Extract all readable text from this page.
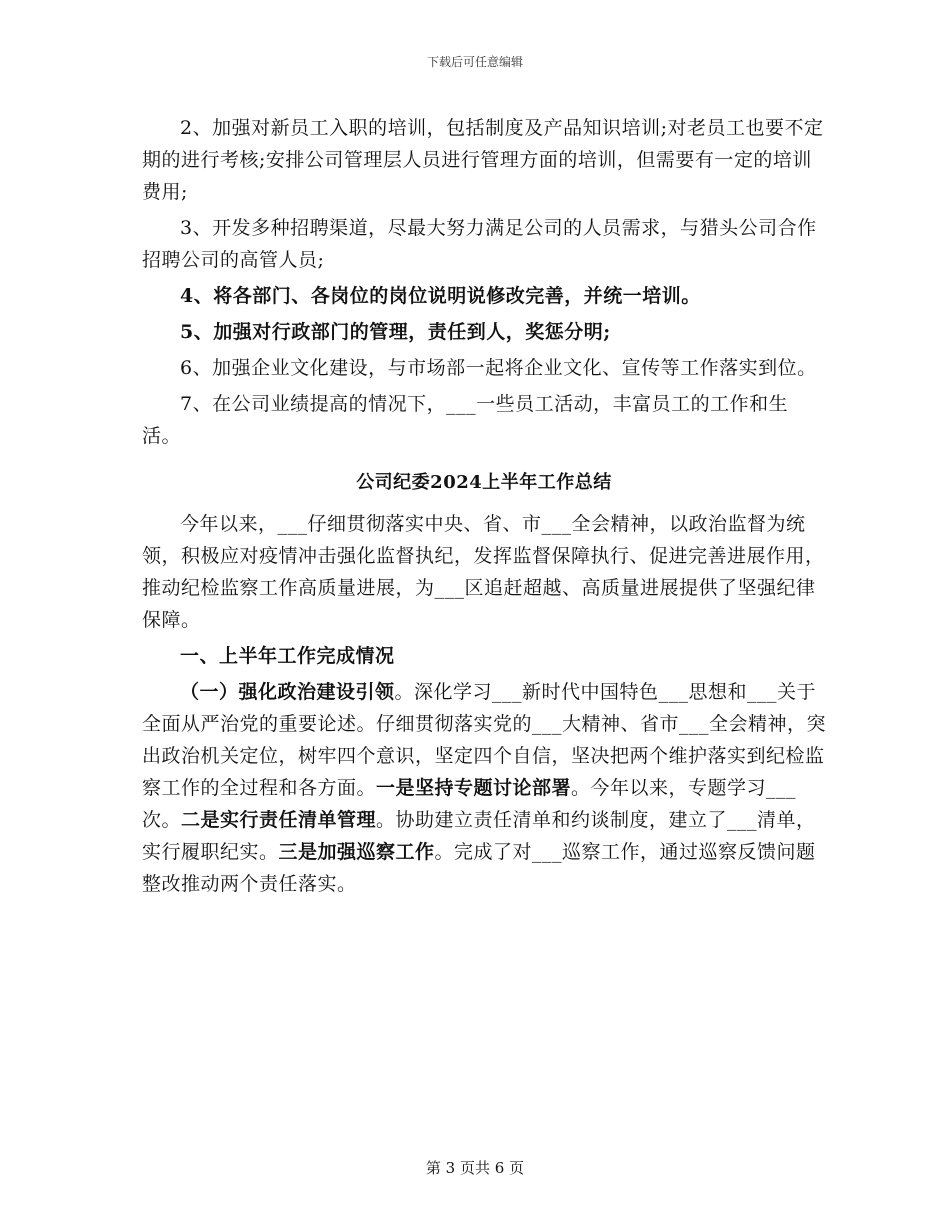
下载后可任意编辑

2、加强对新员工入职的培训，包括制度及产品知识培训;对老员工也要不定期的进行考核;安排公司管理层人员进行管理方面的培训，但需要有一定的培训费用;

3、开发多种招聘渠道，尽最大努力满足公司的人员需求，与猎头公司合作招聘公司的高管人员;

4、将各部门、各岗位的岗位说明说修改完善，并统一培训。

5、加强对行政部门的管理，责任到人，奖惩分明;

6、加强企业文化建设，与市场部一起将企业文化、宣传等工作落实到位。

7、在公司业绩提高的情况下，___一些员工活动，丰富员工的工作和生活。

公司纪委2024上半年工作总结

今年以来，___仔细贯彻落实中央、省、市___全会精神，以政治监督为统领，积极应对疫情冲击强化监督执纪，发挥监督保障执行、促进完善进展作用，推动纪检监察工作高质量进展，为___区追赶超越、高质量进展提供了坚强纪律保障。

一、上半年工作完成情况

（一）强化政治建设引领。深化学习___新时代中国特色___思想和___关于全面从严治党的重要论述。仔细贯彻落实党的___大精神、省市___全会精神，突出政治机关定位，树牢四个意识，坚定四个自信，坚决把两个维护落实到纪检监察工作的全过程和各方面。一是坚持专题讨论部署。今年以来，专题学习___次。二是实行责任清单管理。协助建立责任清单和约谈制度，建立了___清单，实行履职纪实。三是加强巡察工作。完成了对___巡察工作，通过巡察反馈问题整改推动两个责任落实。

第 3 页共 6 页
